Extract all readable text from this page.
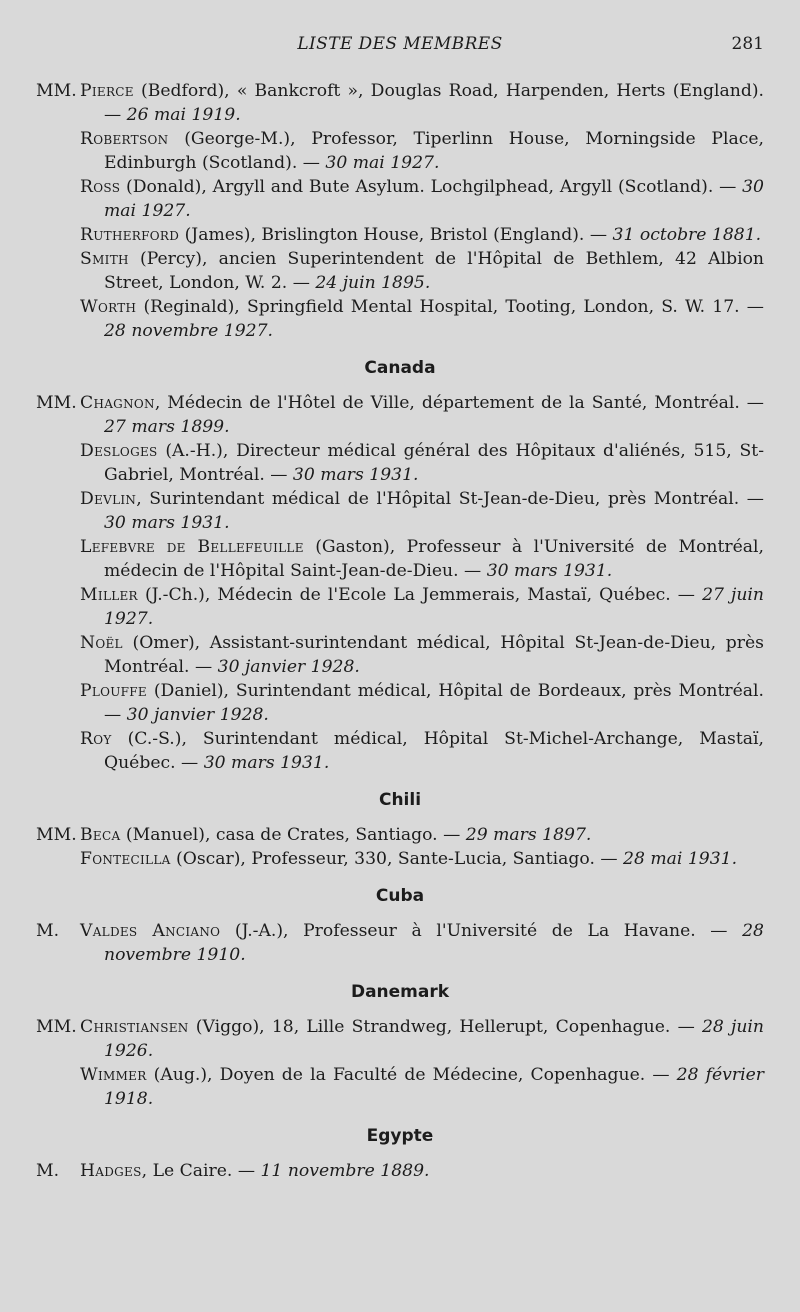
LISTE DES MEMBRES	281

MM. Pierce (Bedford), « Bankcroft », Douglas Road, Harpenden, Herts (England). — 26 mai 1919.

Robertson (George-M.), Professor, Tiperlinn House, Morningside Place, Edinburgh (Scotland). — 30 mai 1927.

Ross (Donald), Argyll and Bute Asylum. Lochgilphead, Argyll (Scotland). — 30 mai 1927.

Rutherford (James), Brislington House, Bristol (England). — 31 octobre 1881.

Smith (Percy), ancien Superintendent de l'Hôpital de Bethlem, 42 Albion Street, London, W. 2. — 24 juin 1895.

Worth (Reginald), Springfield Mental Hospital, Tooting, London, S. W. 17. — 28 novembre 1927.

Canada

MM. Chagnon, Médecin de l'Hôtel de Ville, département de la Santé, Montréal. — 27 mars 1899.

Desloges (A.-H.), Directeur médical général des Hôpitaux d'aliénés, 515, St-Gabriel, Montréal. — 30 mars 1931.

Devlin, Surintendant médical de l'Hôpital St-Jean-de-Dieu, près Montréal. — 30 mars 1931.

Lefebvre de Bellefeuille (Gaston), Professeur à l'Université de Montréal, médecin de l'Hôpital Saint-Jean-de-Dieu. — 30 mars 1931.

Miller (J.-Ch.), Médecin de l'Ecole La Jemmerais, Mastaï, Québec. — 27 juin 1927.

Noël (Omer), Assistant-surintendant médical, Hôpital St-Jean-de-Dieu, près Montréal. — 30 janvier 1928.

Plouffe (Daniel), Surintendant médical, Hôpital de Bordeaux, près Montréal. — 30 janvier 1928.

Roy (C.-S.), Surintendant médical, Hôpital St-Michel-Archange, Mastaï, Québec. — 30 mars 1931.

Chili

MM. Beca (Manuel), casa de Crates, Santiago. — 29 mars 1897.

Fontecilla (Oscar), Professeur, 330, Sante-Lucia, Santiago. — 28 mai 1931.

Cuba

M. Valdes Anciano (J.-A.), Professeur à l'Université de La Havane. — 28 novembre 1910.

Danemark

MM. Christiansen (Viggo), 18, Lille Strandweg, Hellerupt, Copenhague. — 28 juin 1926.

Wimmer (Aug.), Doyen de la Faculté de Médecine, Copenhague. — 28 février 1918.

Egypte

M. Hadges, Le Caire. — 11 novembre 1889.
